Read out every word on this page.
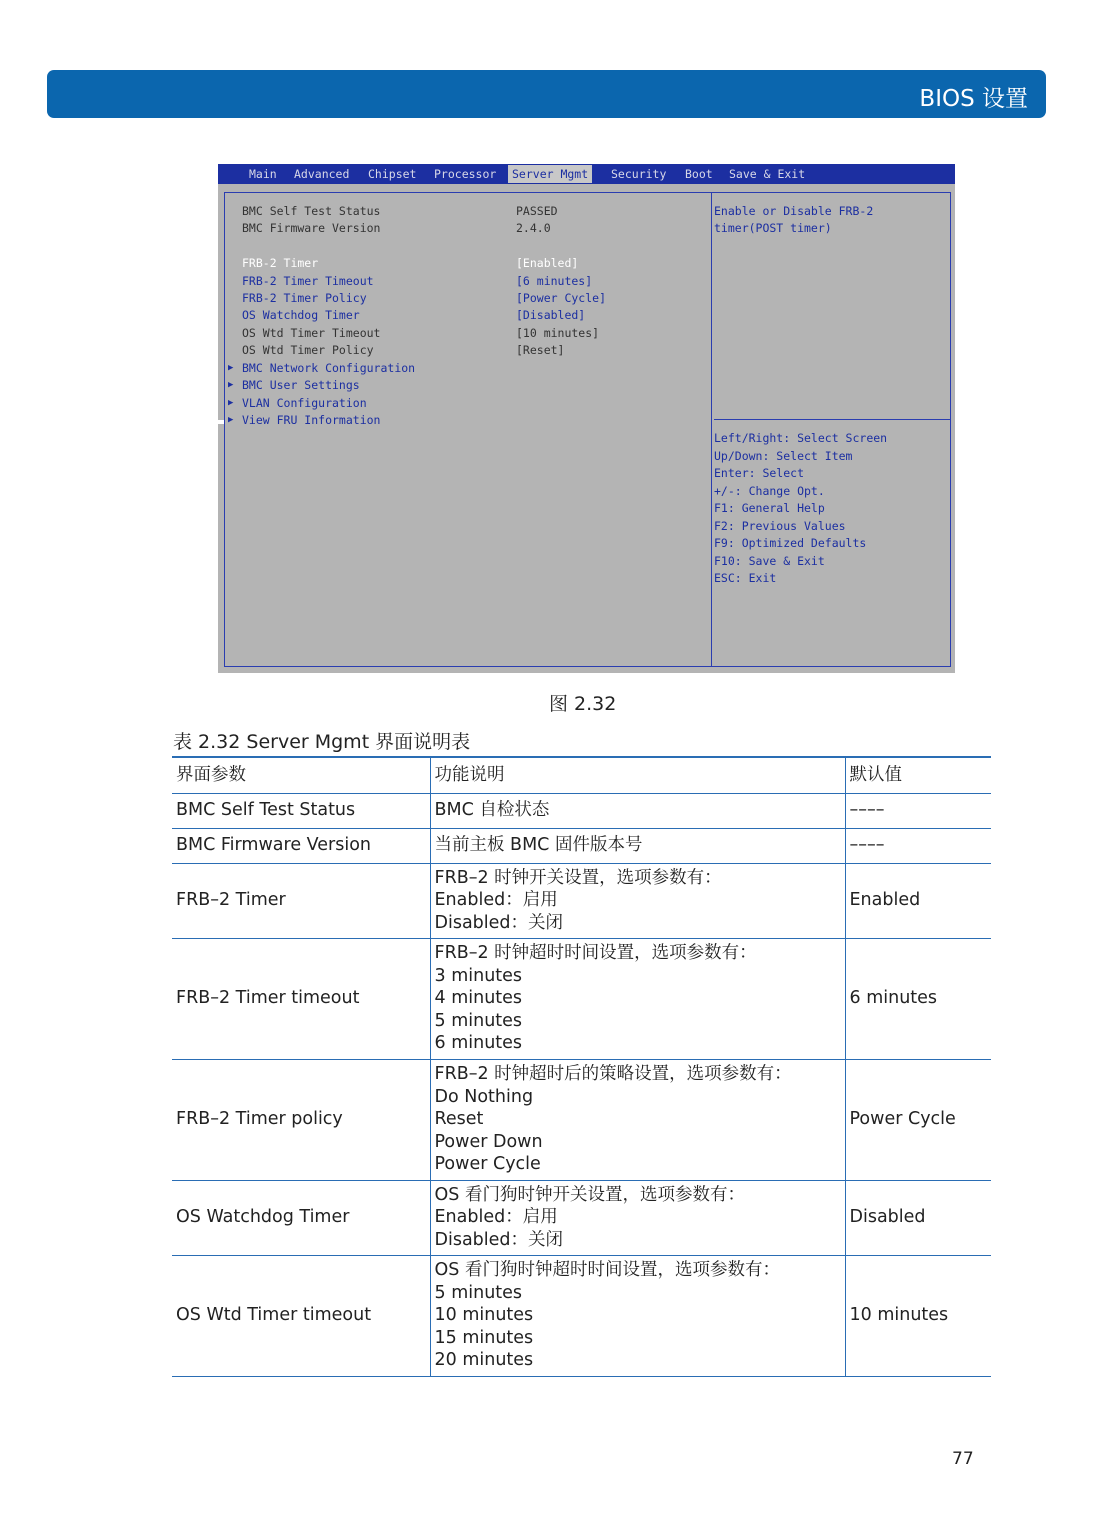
BIOS 设置
Main Advanced Chipset Processor	Server Mgmt	Security Boot Save & Exit
BMC Self Test Status	PASSED
BMC Firmware Version	2.4.0
FRB-2 Timer	[Enabled]
FRB-2 Timer Timeout	[6 minutes]
FRB-2 Timer Policy	[Power Cycle]
OS Watchdog Timer	[Disabled]
OS Wtd Timer Timeout	[10 minutes]
OS Wtd Timer Policy	[Reset]
▶ BMC Network Configuration
▶ BMC User Settings
▶ VLAN Configuration
▶ View FRU Information
Enable or Disable FRB-2
timer(POST timer)
Left/Right: Select Screen
Up/Down: Select Item
Enter: Select
+/-: Change Opt.
F1: General Help
F2: Previous Values
F9: Optimized Defaults
F10: Save & Exit
ESC: Exit
图 2.32
表 2.32 Server Mgmt 界面说明表
界面参数	功能说明	默认值
BMC Self Test Status	BMC 自检状态	––––
BMC Firmware Version	当前主板 BMC 固件版本号	––––
FRB–2 Timer	FRB–2 时钟开关设置，选项参数有：
Enabled：启用
Disabled：关闭	Enabled
FRB–2 Timer timeout	FRB–2 时钟超时时间设置，选项参数有：
3 minutes
4 minutes
5 minutes
6 minutes	6 minutes
FRB–2 Timer policy	FRB–2 时钟超时后的策略设置，选项参数有：
Do Nothing
Reset
Power Down
Power Cycle	Power Cycle
OS Watchdog Timer	OS 看门狗时钟开关设置，选项参数有：
Enabled：启用
Disabled：关闭	Disabled
OS Wtd Timer timeout	OS 看门狗时钟超时时间设置，选项参数有：
5 minutes
10 minutes
15 minutes
20 minutes	10 minutes
77
